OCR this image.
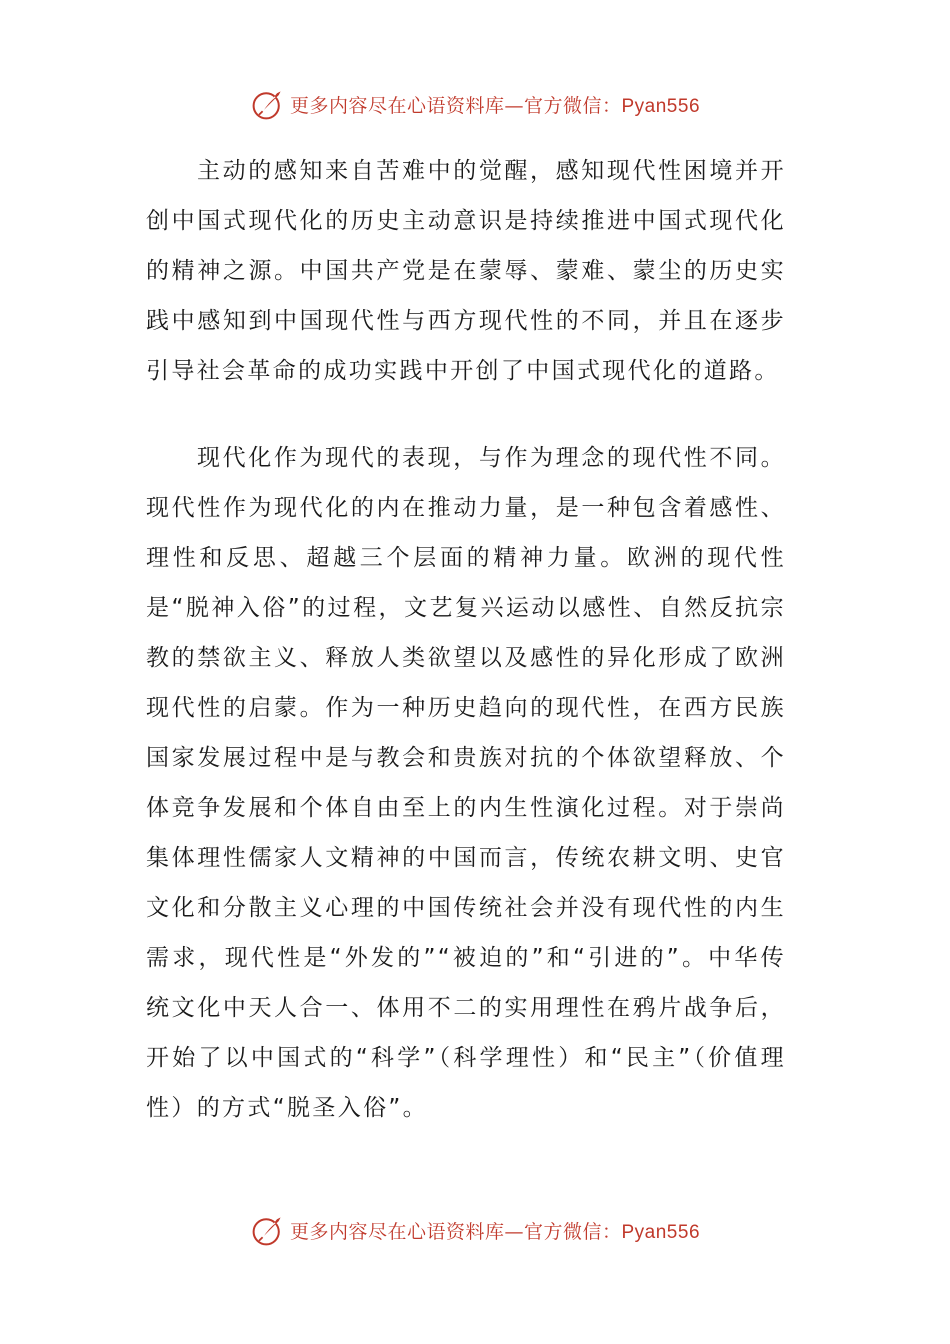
更多内容尽在心语资料库—官方微信：Pyan556

主动的感知来自苦难中的觉醒，感知现代性困境并开创中国式现代化的历史主动意识是持续推进中国式现代化的精神之源。中国共产党是在蒙辱、蒙难、蒙尘的历史实践中感知到中国现代性与西方现代性的不同，并且在逐步引导社会革命的成功实践中开创了中国式现代化的道路。

现代化作为现代的表现，与作为理念的现代性不同。现代性作为现代化的内在推动力量，是一种包含着感性、理性和反思、超越三个层面的精神力量。欧洲的现代性是“脱神入俗”的过程，文艺复兴运动以感性、自然反抗宗教的禁欲主义、释放人类欲望以及感性的异化形成了欧洲现代性的启蒙。作为一种历史趋向的现代性，在西方民族国家发展过程中是与教会和贵族对抗的个体欲望释放、个体竞争发展和个体自由至上的内生性演化过程。对于崇尚集体理性儒家人文精神的中国而言，传统农耕文明、史官文化和分散主义心理的中国传统社会并没有现代性的内生需求，现代性是“外发的”“被迫的”和“引进的”。中华传统文化中天人合一、体用不二的实用理性在鸦片战争后，开始了以中国式的“科学”（科学理性）和“民主”（价值理性）的方式“脱圣入俗”。

更多内容尽在心语资料库—官方微信：Pyan556
